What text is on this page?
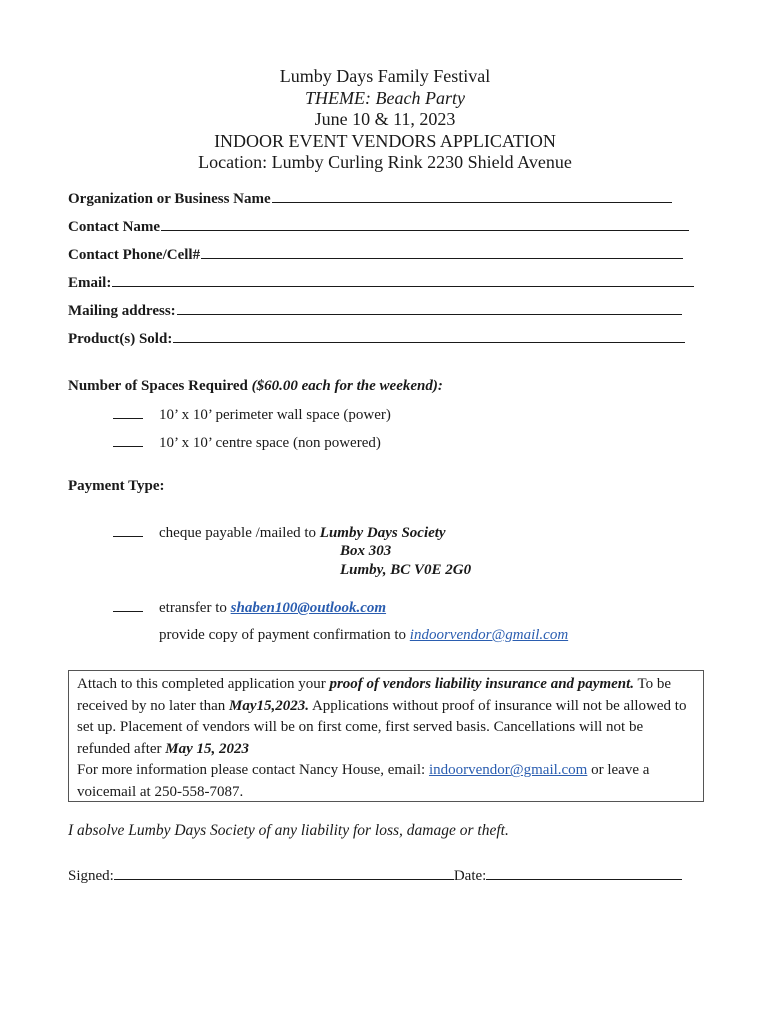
Lumby Days Family Festival
THEME: Beach Party
June 10 & 11, 2023
INDOOR EVENT VENDORS APPLICATION
Location: Lumby Curling Rink 2230 Shield Avenue
Organization or Business Name
Contact Name
Contact Phone/Cell#
Email:
Mailing address:
Product(s) Sold:
Number of Spaces Required ($60.00 each for the weekend):
10’ x 10’ perimeter wall space (power)
10’ x 10’ centre space (non powered)
Payment Type:
cheque payable /mailed to Lumby Days Society
Box 303
Lumby, BC V0E 2G0
etransfer to shaben100@outlook.com
provide copy of payment confirmation to indoorvendor@gmail.com
Attach to this completed application your proof of vendors liability insurance and payment. To be received by no later than May15,2023. Applications without proof of insurance will not be allowed to set up. Placement of vendors will be on first come, first served basis. Cancellations will not be refunded after May 15, 2023
For more information please contact Nancy House, email: indoorvendor@gmail.com or leave a voicemail at 250-558-7087.
I absolve Lumby Days Society of any liability for loss, damage or theft.
Signed:	Date:
